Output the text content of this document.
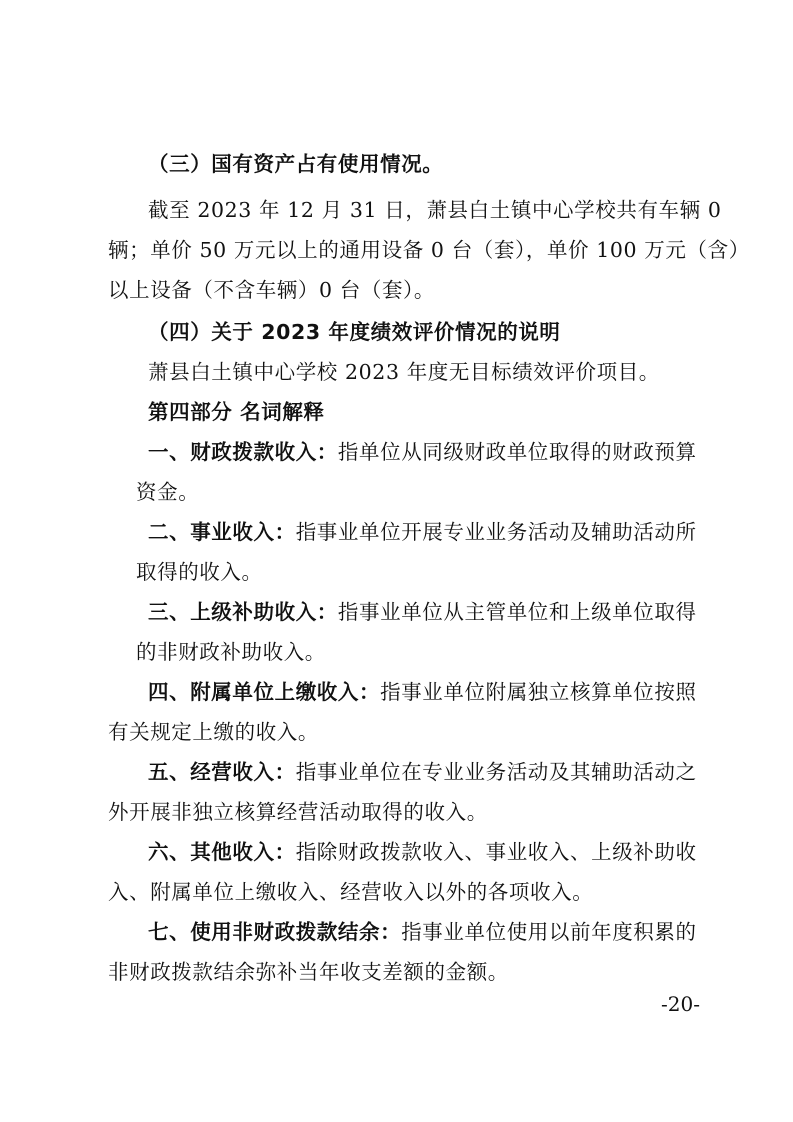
（三）国有资产占有使用情况。
截至 2023 年 12 月 31 日，萧县白土镇中心学校共有车辆 0
辆；单价 50 万元以上的通用设备 0 台（套），单价 100 万元（含）
以上设备（不含车辆）0 台（套）。
（四）关于 2023 年度绩效评价情况的说明
萧县白土镇中心学校 2023 年度无目标绩效评价项目。
第四部分 名词解释
一、财政拨款收入：指单位从同级财政单位取得的财政预算
资金。
二、事业收入：指事业单位开展专业业务活动及辅助活动所
取得的收入。
三、上级补助收入：指事业单位从主管单位和上级单位取得
的非财政补助收入。
四、附属单位上缴收入：指事业单位附属独立核算单位按照
有关规定上缴的收入。
五、经营收入：指事业单位在专业业务活动及其辅助活动之
外开展非独立核算经营活动取得的收入。
六、其他收入：指除财政拨款收入、事业收入、上级补助收
入、附属单位上缴收入、经营收入以外的各项收入。
七、使用非财政拨款结余：指事业单位使用以前年度积累的
非财政拨款结余弥补当年收支差额的金额。
-20-
